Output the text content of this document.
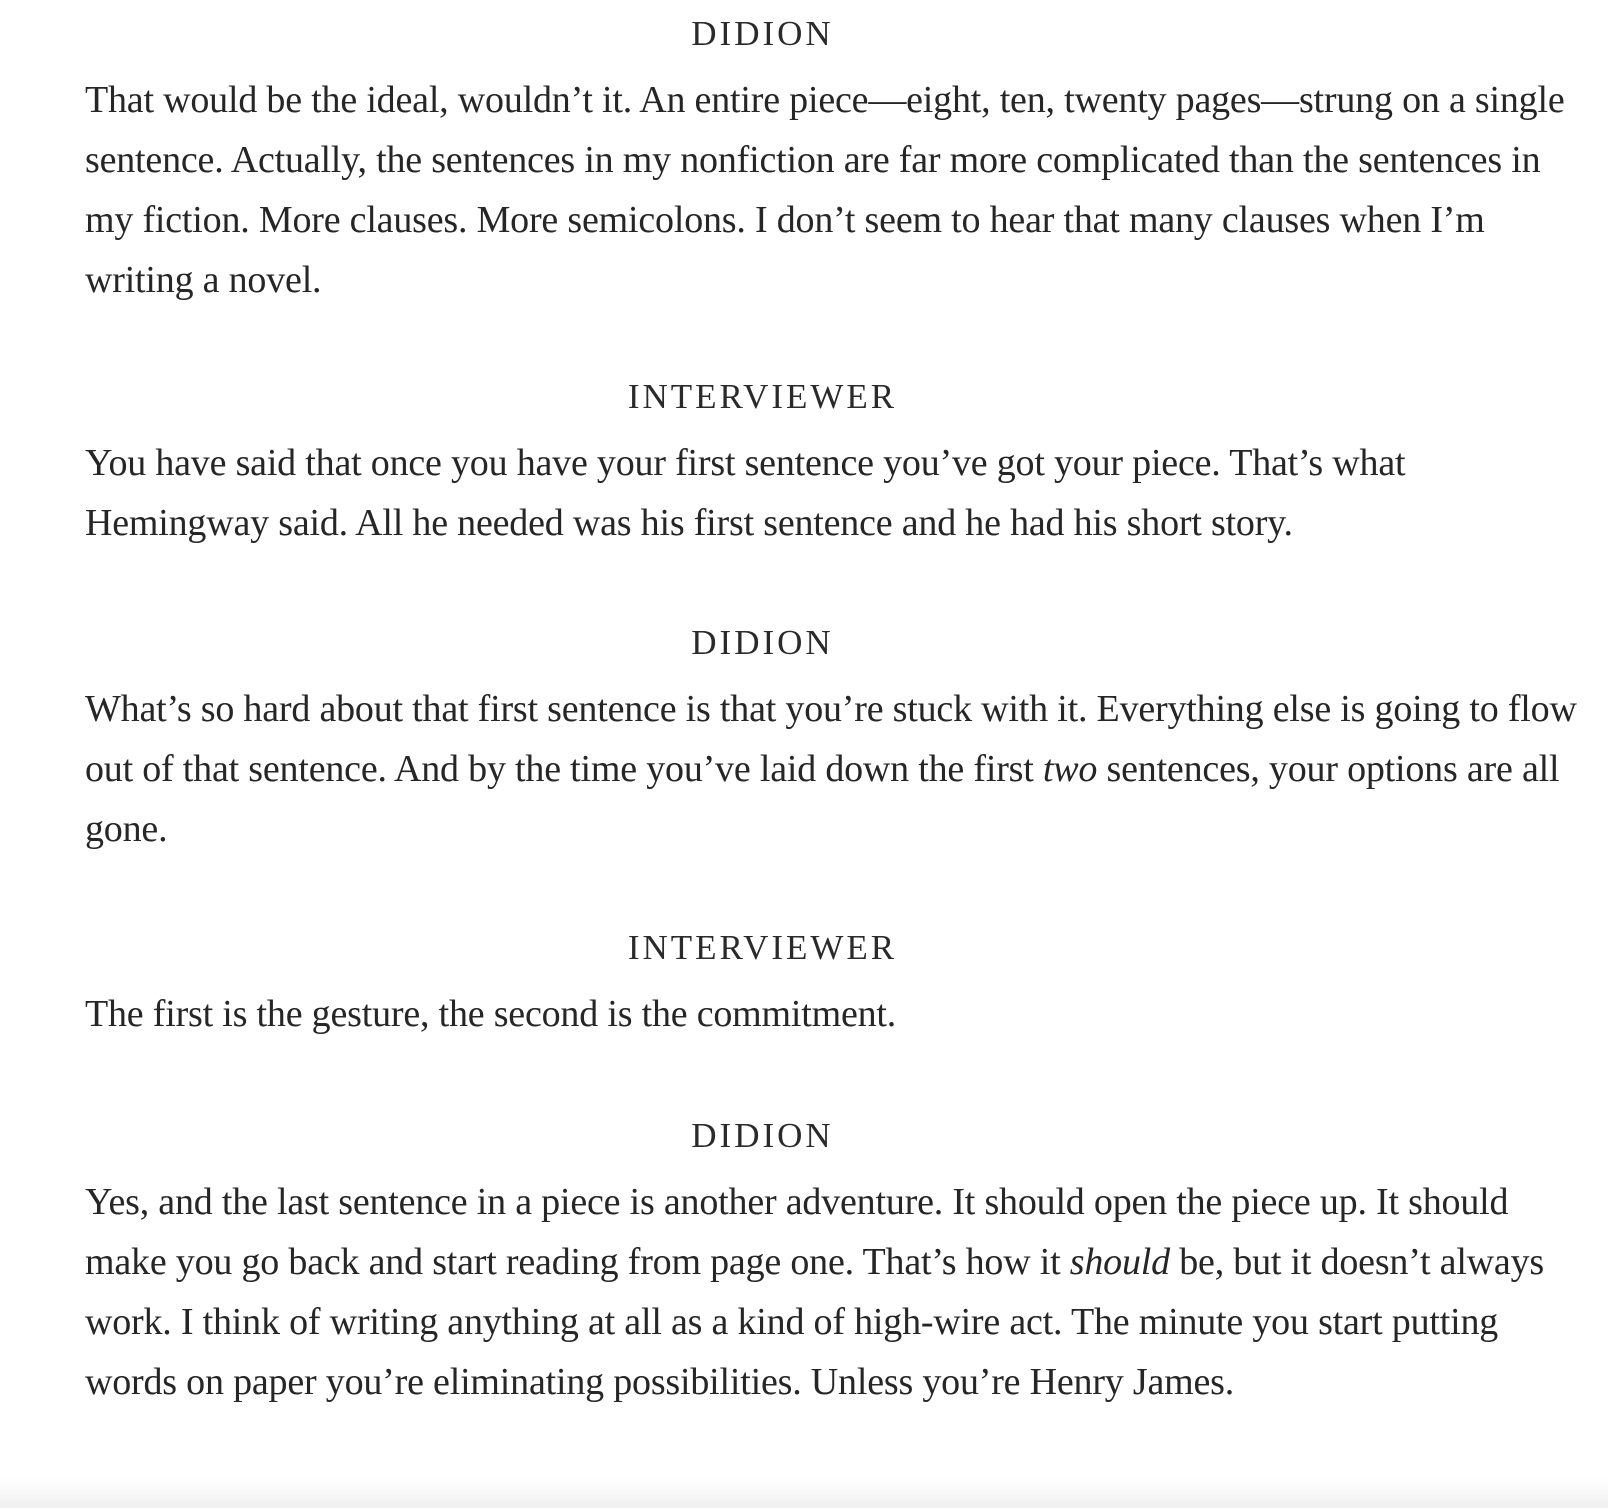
DIDION

That would be the ideal, wouldn’t it. An entire piece—eight, ten, twenty pages—strung on a single sentence. Actually, the sentences in my nonfiction are far more complicated than the sentences in my fiction. More clauses. More semicolons. I don’t seem to hear that many clauses when I’m writing a novel.

INTERVIEWER

You have said that once you have your first sentence you’ve got your piece. That’s what Hemingway said. All he needed was his first sentence and he had his short story.

DIDION

What’s so hard about that first sentence is that you’re stuck with it. Everything else is going to flow out of that sentence. And by the time you’ve laid down the first two sentences, your options are all gone.

INTERVIEWER

The first is the gesture, the second is the commitment.

DIDION

Yes, and the last sentence in a piece is another adventure. It should open the piece up. It should make you go back and start reading from page one. That’s how it should be, but it doesn’t always work. I think of writing anything at all as a kind of high-wire act. The minute you start putting words on paper you’re eliminating possibilities. Unless you’re Henry James.
